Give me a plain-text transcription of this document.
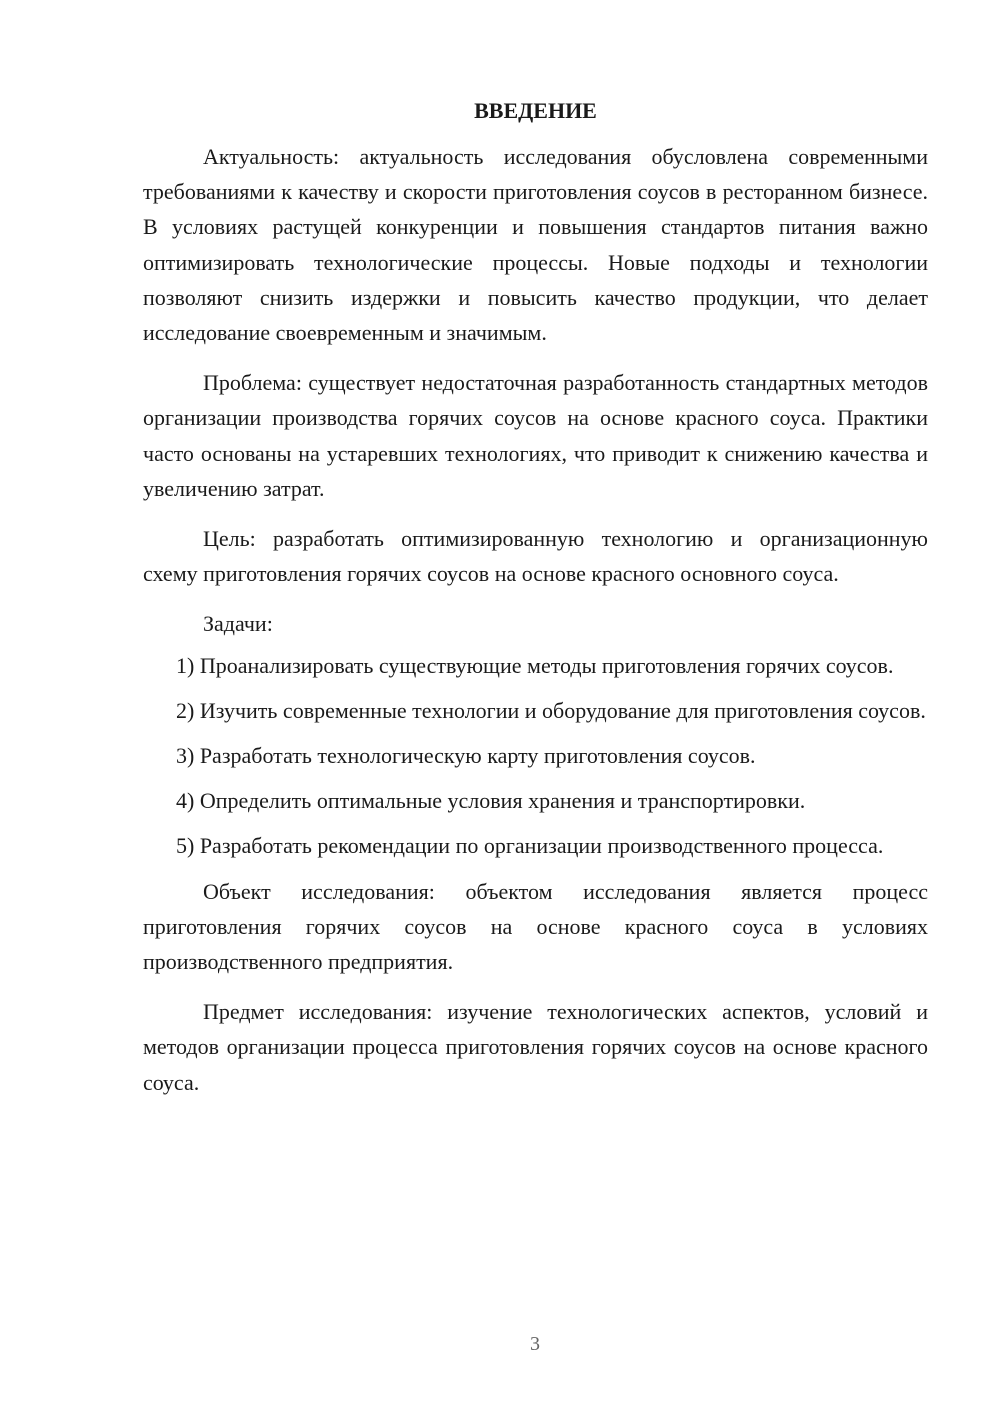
ВВЕДЕНИЕ

Актуальность: актуальность исследования обусловлена современными требованиями к качеству и скорости приготовления соусов в ресторанном бизнесе. В условиях растущей конкуренции и повышения стандартов питания важно оптимизировать технологические процессы. Новые подходы и технологии позволяют снизить издержки и повысить качество продукции, что делает исследование своевременным и значимым.

Проблема: существует недостаточная разработанность стандартных методов организации производства горячих соусов на основе красного соуса. Практики часто основаны на устаревших технологиях, что приводит к снижению качества и увеличению затрат.

Цель: разработать оптимизированную технологию и организационную схему приготовления горячих соусов на основе красного основного соуса.

Задачи:

1) Проанализировать существующие методы приготовления горячих соусов.

2) Изучить современные технологии и оборудование для приготовления соусов.

3) Разработать технологическую карту приготовления соусов.

4) Определить оптимальные условия хранения и транспортировки.

5) Разработать рекомендации по организации производственного процесса.

Объект исследования: объектом исследования является процесс приготовления горячих соусов на основе красного соуса в условиях производственного предприятия.

Предмет исследования: изучение технологических аспектов, условий и методов организации процесса приготовления горячих соусов на основе красного соуса.

3
